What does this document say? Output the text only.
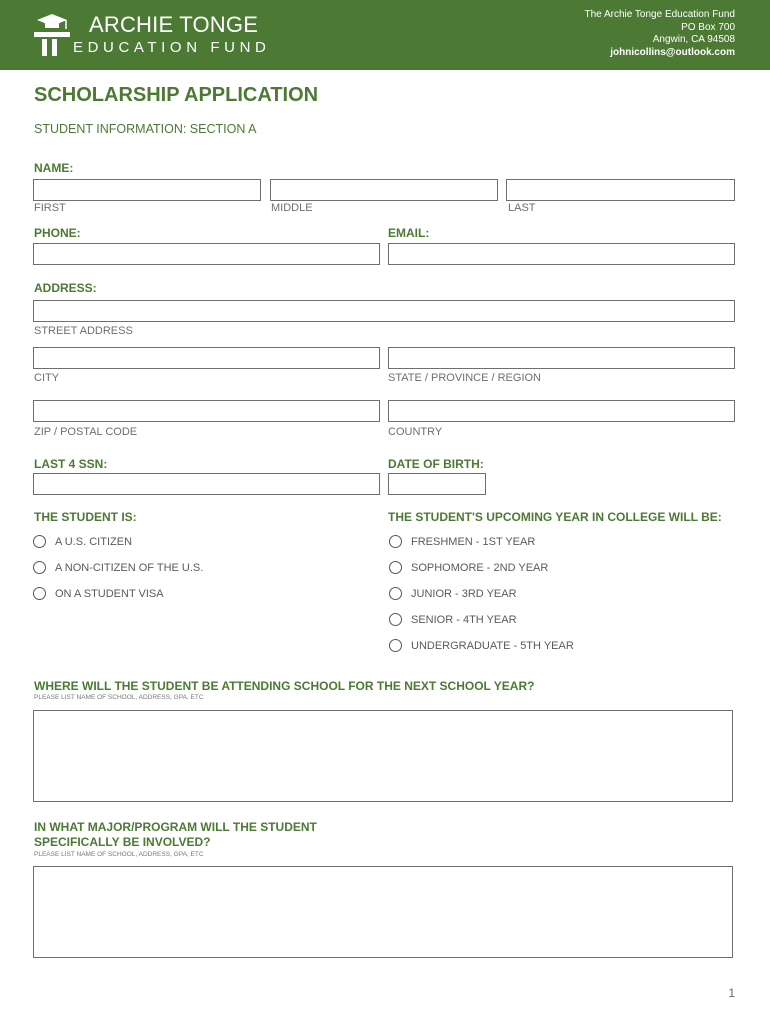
ARCHIE TONGE
EDUCATION FUND
The Archie Tonge Education Fund
PO Box 700
Angwin, CA 94508
johnicollins@outlook.com
SCHOLARSHIP APPLICATION
STUDENT INFORMATION: SECTION A
NAME:
FIRST	MIDDLE	LAST
PHONE:	EMAIL:
ADDRESS:
STREET ADDRESS
CITY	STATE / PROVINCE / REGION
ZIP / POSTAL CODE	COUNTRY
LAST 4 SSN:	DATE OF BIRTH:
THE STUDENT IS:	THE STUDENT'S UPCOMING YEAR IN COLLEGE WILL BE:
A U.S. CITIZEN
A NON-CITIZEN OF THE U.S.
ON A STUDENT VISA
FRESHMEN - 1ST YEAR
SOPHOMORE - 2ND YEAR
JUNIOR - 3RD YEAR
SENIOR - 4TH YEAR
UNDERGRADUATE - 5TH YEAR
WHERE WILL THE STUDENT BE ATTENDING SCHOOL FOR THE NEXT SCHOOL YEAR?
PLEASE LIST NAME OF SCHOOL, ADDRESS, GPA, ETC
IN WHAT MAJOR/PROGRAM WILL THE STUDENT
SPECIFICALLY BE INVOLVED?
PLEASE LIST NAME OF SCHOOL, ADDRESS, GPA, ETC
1
